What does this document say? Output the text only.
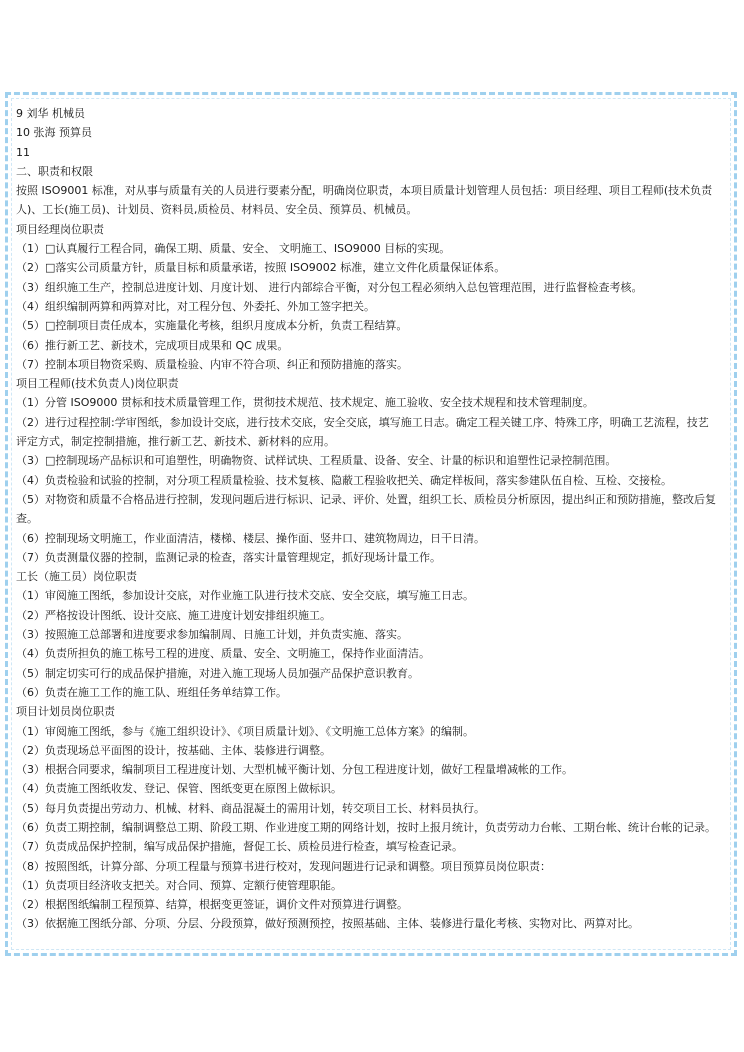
9 刘华 机械员
10 张海 预算员
11
二、职责和权限
按照 ISO9001 标准，对从事与质量有关的人员进行要素分配，明确岗位职责，本项目质量计划管理人员包括：项目经理、项目工程师(技术负责
人)、工长(施工员)、计划员、资料员,质检员、材料员、安全员、预算员、机械员。
项目经理岗位职责
（1）□认真履行工程合同，确保工期、质量、安全、 文明施工、ISO9000 目标的实现。
（2）□落实公司质量方针，质量目标和质量承诺，按照 ISO9002 标准，建立文件化质量保证体系。
（3）组织施工生产，控制总进度计划、月度计划、 进行内部综合平衡，对分包工程必须纳入总包管理范围，进行监督检查考核。
（4）组织编制两算和两算对比，对工程分包、外委托、外加工签字把关。
（5）□控制项目责任成本，实施量化考核，组织月度成本分析，负责工程结算。
（6）推行新工艺、新技术，完成项目成果和 QC 成果。
（7）控制本项目物资采购、质量检验、内审不符合项、纠正和预防措施的落实。
项目工程师(技术负责人)岗位职责
（1）分管 ISO9000 贯标和技术质量管理工作，贯彻技术规范、技术规定、施工验收、安全技术规程和技术管理制度。
（2）进行过程控制:学审图纸，参加设计交底，进行技术交底，安全交底，填写施工日志。确定工程关键工序、特殊工序，明确工艺流程，技艺
评定方式，制定控制措施，推行新工艺、新技术、新材料的应用。
（3）□控制现场产品标识和可追塑性，明确物资、试样试块、工程质量、设备、安全、计量的标识和追塑性记录控制范围。
（4）负责检验和试验的控制，对分项工程质量检验、技术复核、隐蔽工程验收把关、确定样板间，落实参建队伍自检、互检、交接检。
（5）对物资和质量不合格品进行控制，发现问题后进行标识、记录、评价、处置，组织工长、质检员分析原因，提出纠正和预防措施，整改后复
查。
（6）控制现场文明施工，作业面清洁，楼梯、楼层、操作面、竖井口、建筑物周边，日干日清。
（7）负责测量仪器的控制，监测记录的检查，落实计量管理规定，抓好现场计量工作。
工长（施工员）岗位职责
（1）审阅施工图纸，参加设计交底，对作业施工队进行技术交底、安全交底，填写施工日志。
（2）严格按设计图纸、设计交底、施工进度计划安排组织施工。
（3）按照施工总部署和进度要求参加编制周、日施工计划，并负责实施、落实。
（4）负责所担负的施工栋号工程的进度、质量、安全、文明施工，保持作业面清洁。
（5）制定切实可行的成品保护措施，对进入施工现场人员加强产品保护意识教育。
（6）负责在施工工作的施工队、班组任务单结算工作。
项目计划员岗位职责
（1）审阅施工图纸，参与《施工组织设计》、《项目质量计划》、《文明施工总体方案》的编制。
（2）负责现场总平面图的设计，按基础、主体、装修进行调整。
（3）根据合同要求，编制项目工程进度计划、大型机械平衡计划、分包工程进度计划，做好工程量增减帐的工作。
（4）负责施工图纸收发、登记、保管、图纸变更在原图上做标识。
（5）每月负责提出劳动力、机械、材料、商品混凝土的需用计划，转交项目工长、材料员执行。
（6）负责工期控制，编制调整总工期、阶段工期、作业进度工期的网络计划，按时上报月统计，负责劳动力台帐、工期台帐、统计台帐的记录。
（7）负责成品保护控制，编写成品保护措施，督促工长、质检员进行检查，填写检查记录。
（8）按照图纸，计算分部、分项工程量与预算书进行校对，发现问题进行记录和调整。项目预算员岗位职责：
（1）负责项目经济收支把关。对合同、预算、定额行使管理职能。
（2）根据图纸编制工程预算、结算，根据变更签证，调价文件对预算进行调整。
（3）依据施工图纸分部、分项、分层、分段预算，做好预测预控，按照基础、主体、装修进行量化考核、实物对比、两算对比。
